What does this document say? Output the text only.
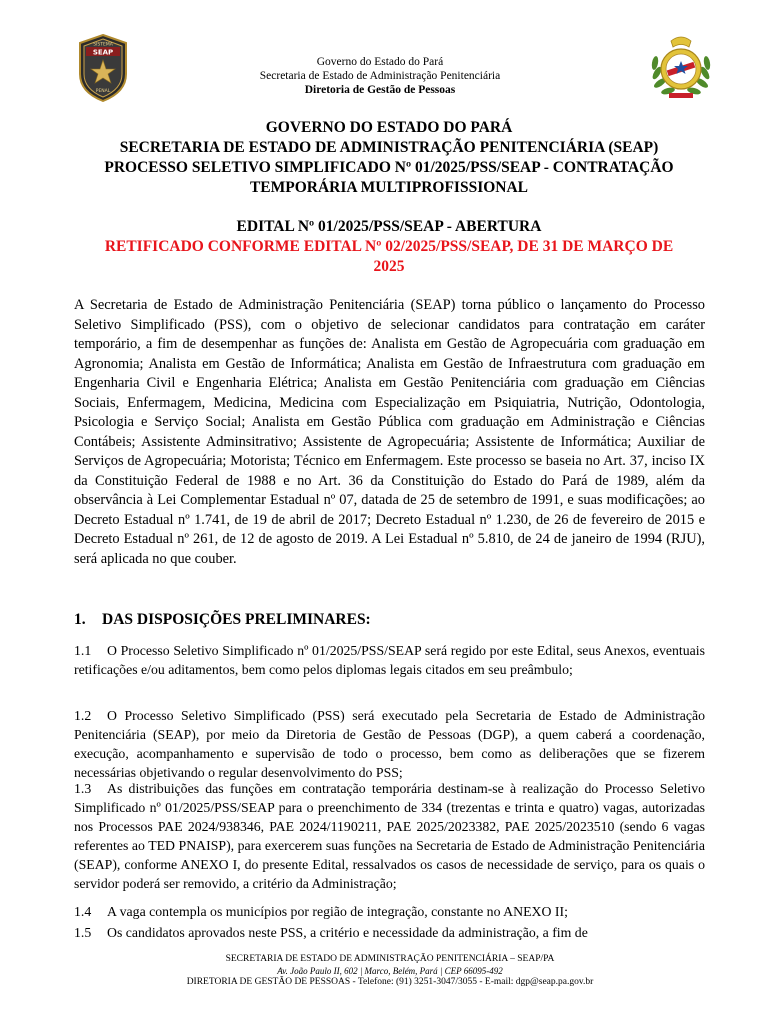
SISTEMA
SEAP
PENAL
Governo do Estado do Pará
Secretaria de Estado de Administração Penitenciária
Diretoria de Gestão de Pessoas
GOVERNO DO ESTADO DO PARÁ
SECRETARIA DE ESTADO DE ADMINISTRAÇÃO PENITENCIÁRIA (SEAP)
PROCESSO SELETIVO SIMPLIFICADO Nº 01/2025/PSS/SEAP - CONTRATAÇÃO
TEMPORÁRIA MULTIPROFISSIONAL
EDITAL Nº 01/2025/PSS/SEAP - ABERTURA
RETIFICADO CONFORME EDITAL Nº 02/2025/PSS/SEAP, DE 31 DE MARÇO DE
2025
A Secretaria de Estado de Administração Penitenciária (SEAP) torna público o lançamento do Processo Seletivo Simplificado (PSS), com o objetivo de selecionar candidatos para contratação em caráter temporário, a fim de desempenhar as funções de: Analista em Gestão de Agropecuária com graduação em Agronomia; Analista em Gestão de Informática; Analista em Gestão de Infraestrutura com graduação em Engenharia Civil e Engenharia Elétrica; Analista em Gestão Penitenciária com graduação em Ciências Sociais, Enfermagem, Medicina, Medicina com Especialização em Psiquiatria, Nutrição, Odontologia, Psicologia e Serviço Social; Analista em Gestão Pública com graduação em Administração e Ciências Contábeis; Assistente Adminsitrativo; Assistente de Agropecuária; Assistente de Informática; Auxiliar de Serviços de Agropecuária; Motorista; Técnico em Enfermagem. Este processo se baseia no Art. 37, inciso IX da Constituição Federal de 1988 e no Art. 36 da Constituição do Estado do Pará de 1989, além da observância à Lei Complementar Estadual nº 07, datada de 25 de setembro de 1991, e suas modificações; ao Decreto Estadual nº 1.741, de 19 de abril de 2017; Decreto Estadual nº 1.230, de 26 de fevereiro de 2015 e Decreto Estadual nº 261, de 12 de agosto de 2019. A Lei Estadual nº 5.810, de 24 de janeiro de 1994 (RJU), será aplicada no que couber.
1. DAS DISPOSIÇÕES PRELIMINARES:
1.1 O Processo Seletivo Simplificado nº 01/2025/PSS/SEAP será regido por este Edital, seus Anexos, eventuais retificações e/ou aditamentos, bem como pelos diplomas legais citados em seu preâmbulo;
1.2 O Processo Seletivo Simplificado (PSS) será executado pela Secretaria de Estado de Administração Penitenciária (SEAP), por meio da Diretoria de Gestão de Pessoas (DGP), a quem caberá a coordenação, execução, acompanhamento e supervisão de todo o processo, bem como as deliberações que se fizerem necessárias objetivando o regular desenvolvimento do PSS;
1.3 As distribuições das funções em contratação temporária destinam-se à realização do Processo Seletivo Simplificado nº 01/2025/PSS/SEAP para o preenchimento de 334 (trezentas e trinta e quatro) vagas, autorizadas nos Processos PAE 2024/938346, PAE 2024/1190211, PAE 2025/2023382, PAE 2025/2023510 (sendo 6 vagas referentes ao TED PNAISP), para exercerem suas funções na Secretaria de Estado de Administração Penitenciária (SEAP), conforme ANEXO I, do presente Edital, ressalvados os casos de necessidade de serviço, para os quais o servidor poderá ser removido, a critério da Administração;
1.4 A vaga contempla os municípios por região de integração, constante no ANEXO II;
1.5 Os candidatos aprovados neste PSS, a critério e necessidade da administração, a fim de
SECRETARIA DE ESTADO DE ADMINISTRAÇÃO PENITENCIÁRIA – SEAP/PA
Av. João Paulo II, 602 | Marco, Belém, Pará | CEP 66095-492
DIRETORIA DE GESTÃO DE PESSOAS - Telefone: (91) 3251-3047/3055 - E-mail: dgp@seap.pa.gov.br
